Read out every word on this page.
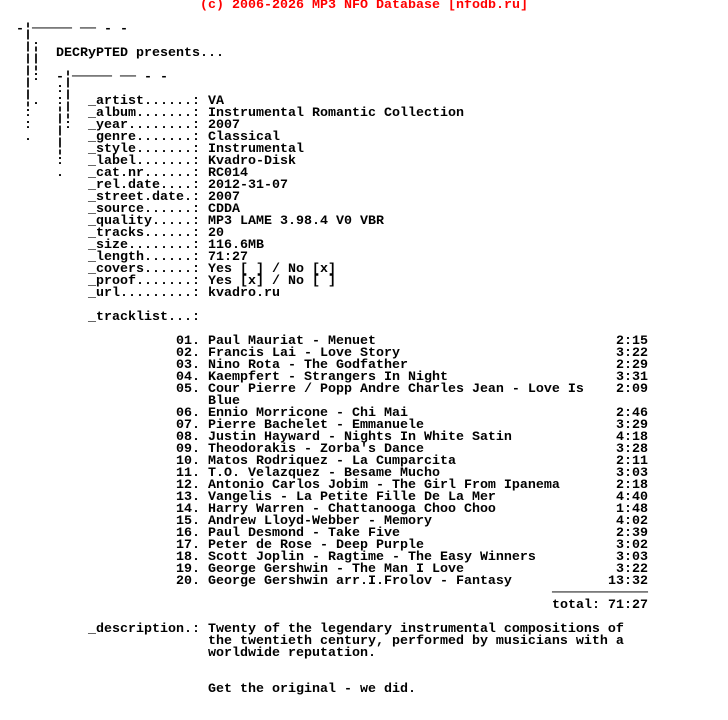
(c) 2006-2026 MP3 NFO Database [nfodb.ru]
-¦───── ── - -
¦.
¦¦ DECRyPTED presents...
¦¦
¦: -¦───── ── - -
¦   :¦
¦.  :¦ _artist......: VA
:   ¦¦ _album.......: Instrumental Romantic Collection
:   ¦: _year........: 2007
.   ¦ _genre.......: Classical
¦ _style.......: Instrumental
: _label.......: Kvadro-Disk
. _cat.nr......: RC014
_rel.date....: 2012-31-07
_street.date.: 2007
_source......: CDDA
_quality.....: MP3 LAME 3.98.4 V0 VBR
_tracks......: 20
_size........: 116.6MB
_length......: 71:27
_covers......: Yes [ ] / No [x]
_proof.......: Yes [x] / No [ ]
_url.........: kvadro.ru
_tracklist...:
01. Paul Mauriat - Menuet	2:15
02. Francis Lai - Love Story	3:22
03. Nino Rota - The Godfather	2:29
04. Kaempfert - Strangers In Night	3:31
05. Cour Pierre / Popp Andre Charles Jean - Love Is 2:09
Blue
06. Ennio Morricone - Chi Mai	2:46
07. Pierre Bachelet - Emmanuele	3:29
08. Justin Hayward - Nights In White Satin	4:18
09. Theodorakis - Zorba's Dance	3:28
10. Matos Rodriquez - La Cumparcita	2:11
11. T.O. Velazquez - Besame Mucho	3:03
12. Antonio Carlos Jobim - The Girl From Ipanema	2:18
13. Vangelis - La Petite Fille De La Mer	4:40
14. Harry Warren - Chattanooga Choo Choo	1:48
15. Andrew Lloyd-Webber - Memory	4:02
16. Paul Desmond - Take Five	2:39
17. Peter de Rose - Deep Purple	3:02
18. Scott Joplin - Ragtime - The Easy Winners	3:03
19. George Gershwin - The Man I Love	3:22
20. George Gershwin arr.I.Frolov - Fantasy	13:32
────────────
total: 71:27
_description.: Twenty of the legendary instrumental compositions of
the twentieth century, performed by musicians with a
worldwide reputation.
Get the original - we did.
